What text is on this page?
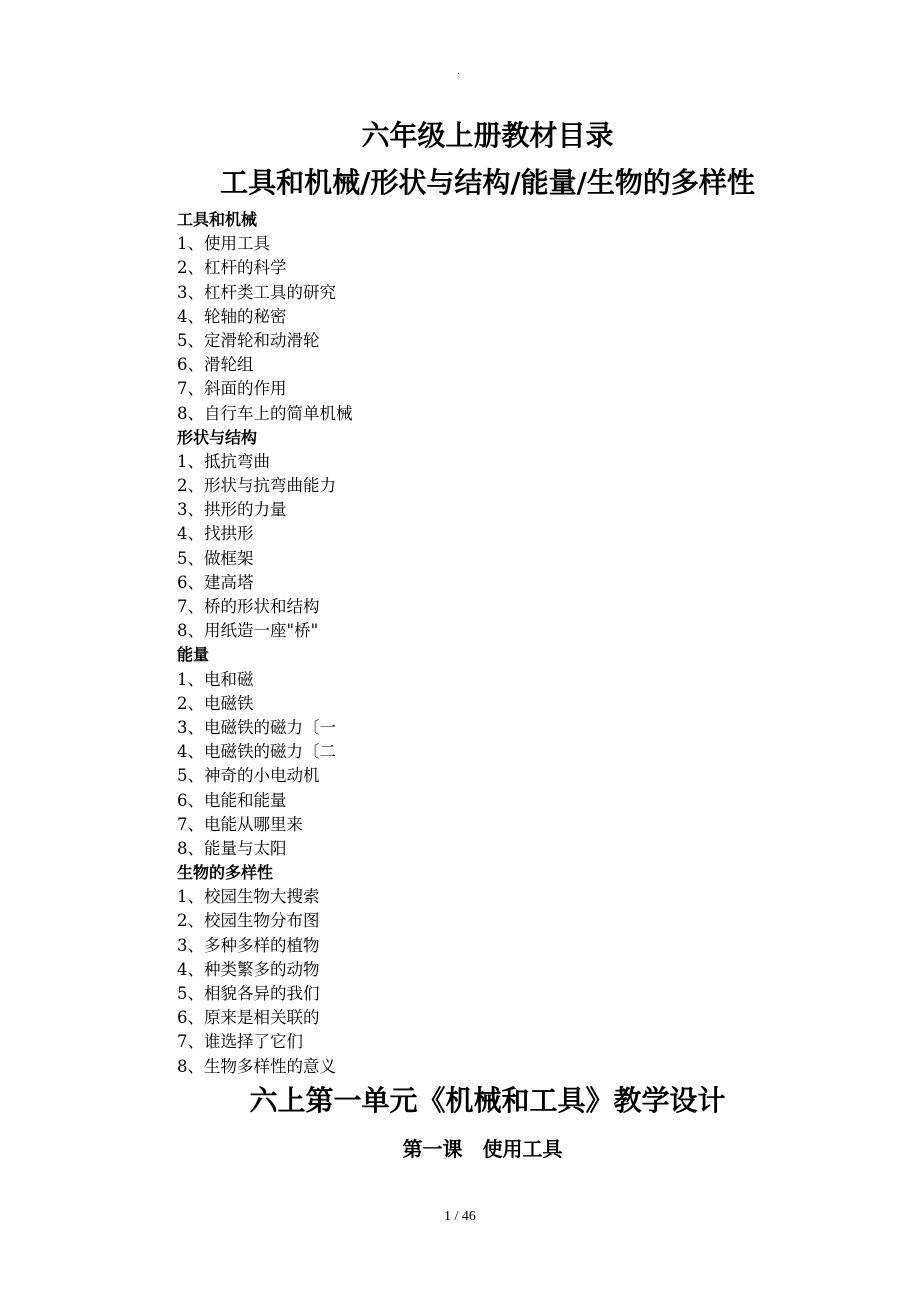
.
六年级上册教材目录
工具和机械/形状与结构/能量/生物的多样性
工具和机械
1、使用工具
2、杠杆的科学
3、杠杆类工具的研究
4、轮轴的秘密
5、定滑轮和动滑轮
6、滑轮组
7、斜面的作用
8、自行车上的简单机械
形状与结构
1、抵抗弯曲
2、形状与抗弯曲能力
3、拱形的力量
4、找拱形
5、做框架
6、建高塔
7、桥的形状和结构
8、用纸造一座"桥"
能量
1、电和磁
2、电磁铁
3、电磁铁的磁力〔一
4、电磁铁的磁力〔二
5、神奇的小电动机
6、电能和能量
7、电能从哪里来
8、能量与太阳
生物的多样性
1、校园生物大搜索
2、校园生物分布图
3、多种多样的植物
4、种类繁多的动物
5、相貌各异的我们
6、原来是相关联的
7、谁选择了它们
8、生物多样性的意义
六上第一单元《机械和工具》教学设计
第一课　使用工具
1 / 46
